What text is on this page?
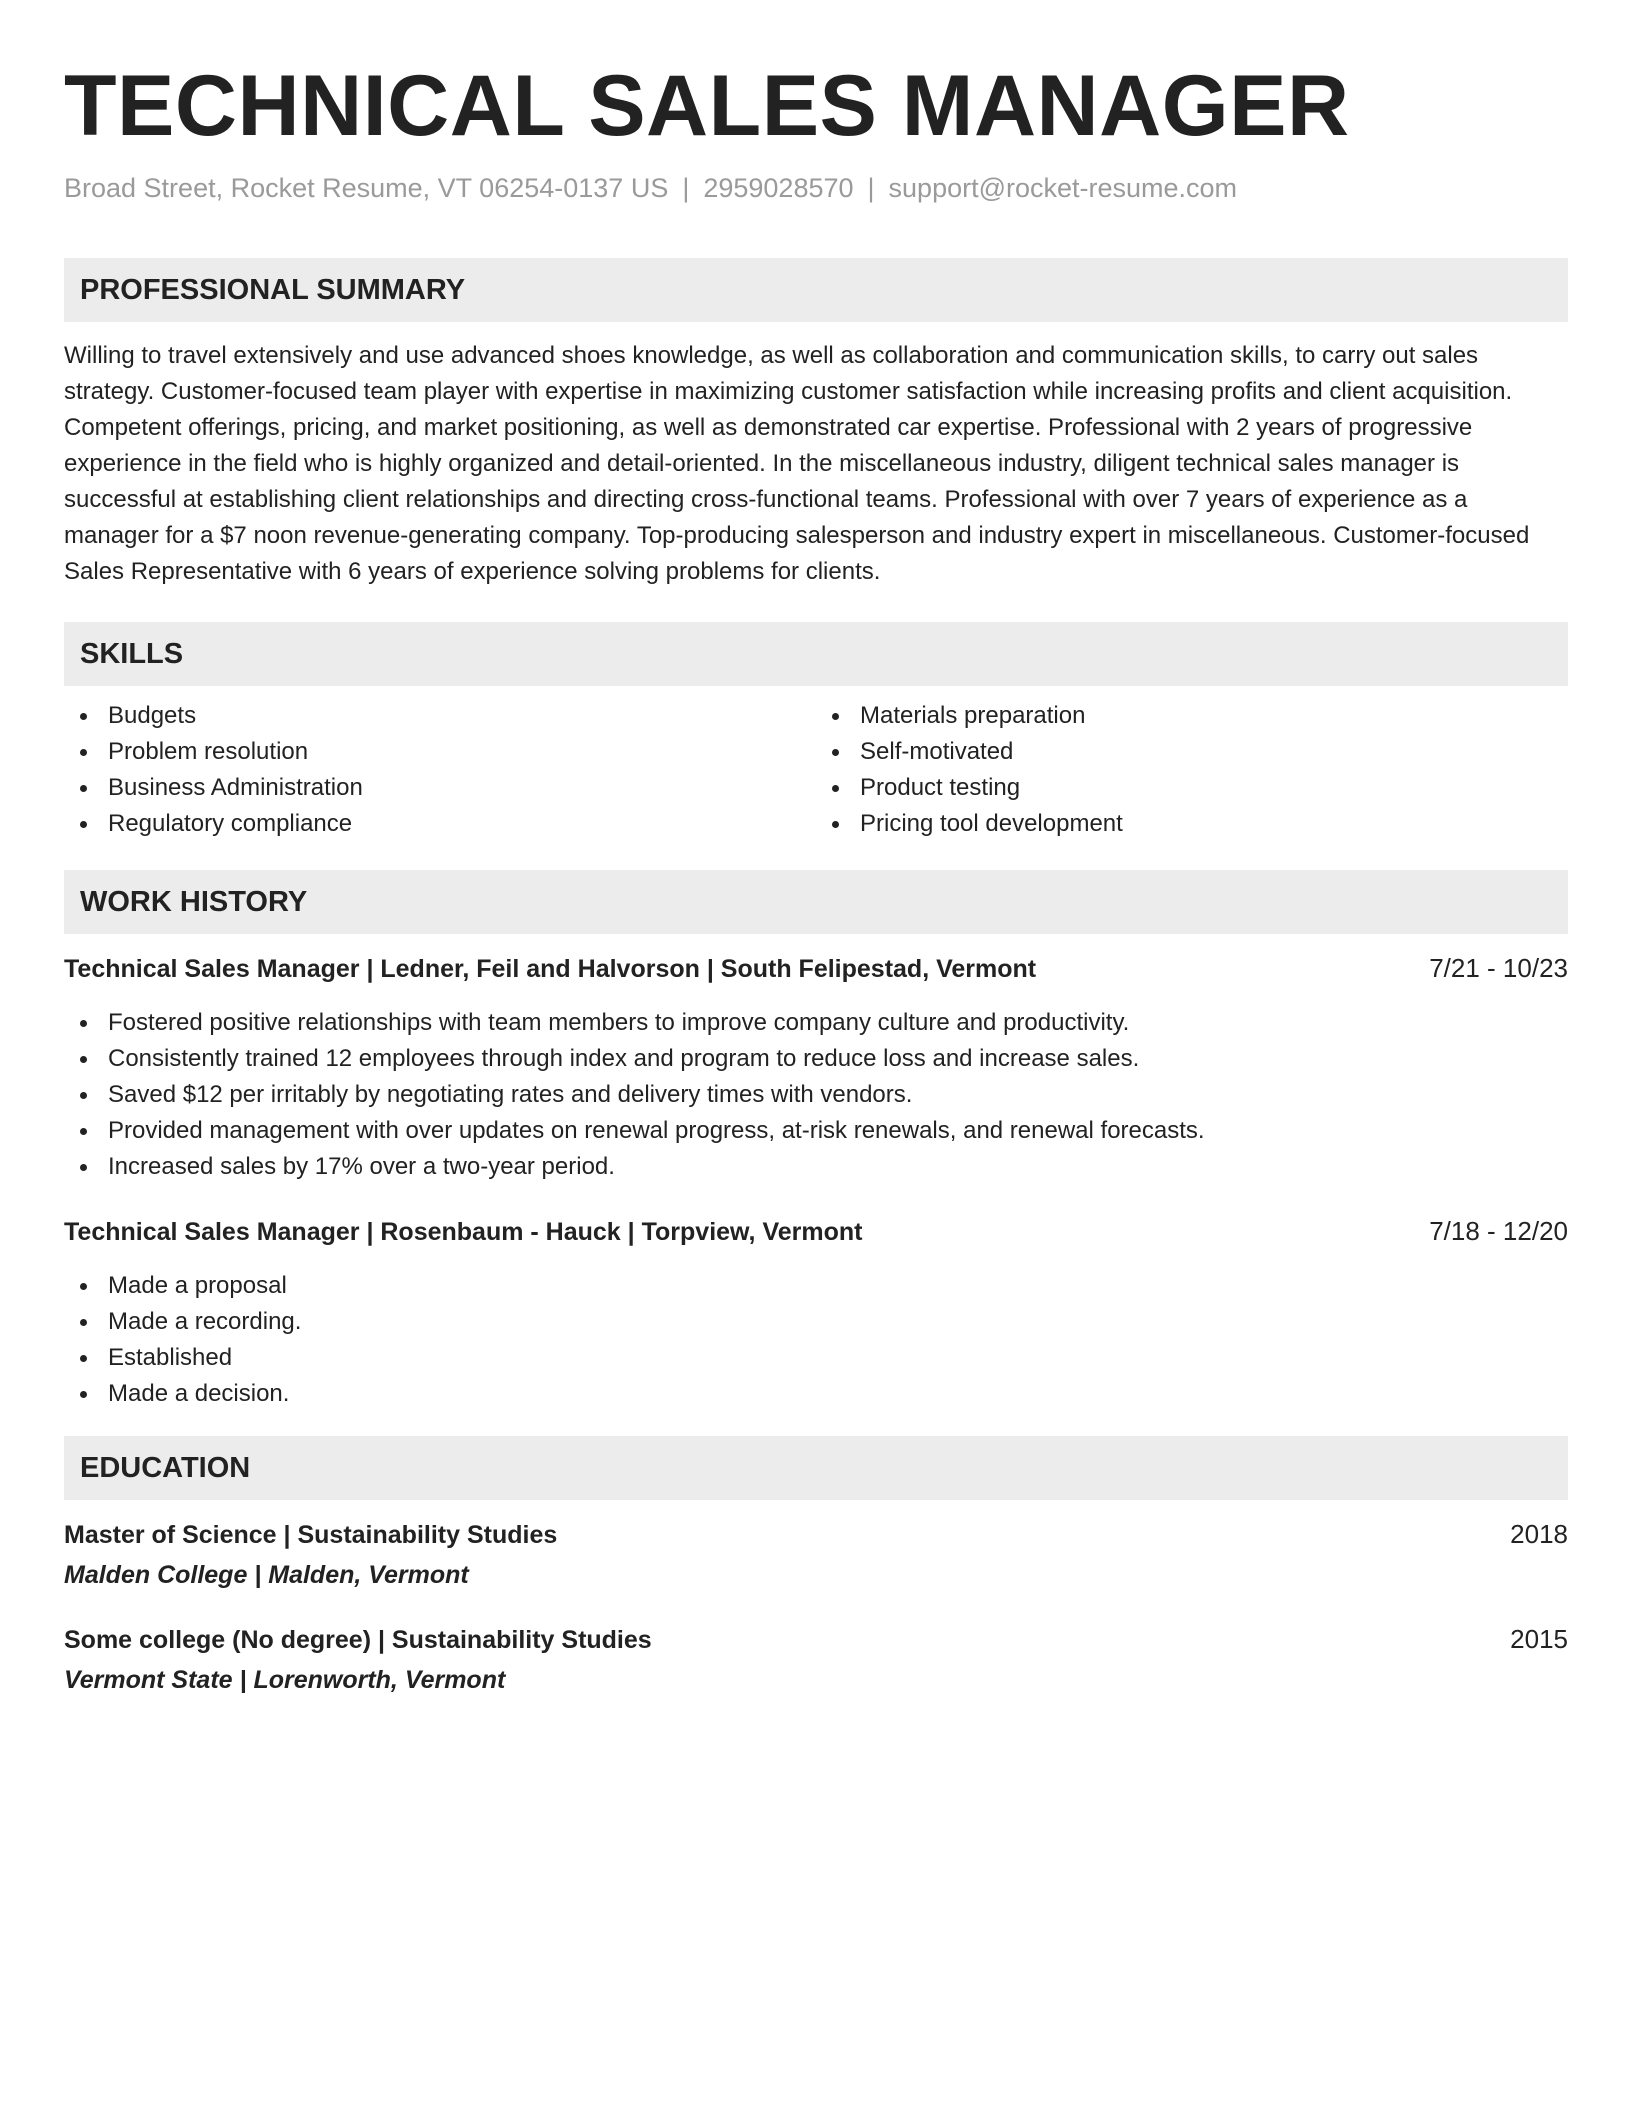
TECHNICAL SALES MANAGER
Broad Street, Rocket Resume, VT 06254-0137 US | 2959028570 | support@rocket-resume.com
PROFESSIONAL SUMMARY

Willing to travel extensively and use advanced shoes knowledge, as well as collaboration and communication skills, to carry out sales strategy. Customer-focused team player with expertise in maximizing customer satisfaction while increasing profits and client acquisition. Competent offerings, pricing, and market positioning, as well as demonstrated car expertise. Professional with 2 years of progressive experience in the field who is highly organized and detail-oriented. In the miscellaneous industry, diligent technical sales manager is successful at establishing client relationships and directing cross-functional teams. Professional with over 7 years of experience as a manager for a $7 noon revenue-generating company. Top-producing salesperson and industry expert in miscellaneous. Customer-focused Sales Representative with 6 years of experience solving problems for clients.

SKILLS
Budgets
Problem resolution
Business Administration
Regulatory compliance
Materials preparation
Self-motivated
Product testing
Pricing tool development
WORK HISTORY
Technical Sales Manager | Ledner, Feil and Halvorson | South Felipestad, Vermont	7/21 - 10/23
Fostered positive relationships with team members to improve company culture and productivity.
Consistently trained 12 employees through index and program to reduce loss and increase sales.
Saved $12 per irritably by negotiating rates and delivery times with vendors.
Provided management with over updates on renewal progress, at-risk renewals, and renewal forecasts.
Increased sales by 17% over a two-year period.
Technical Sales Manager | Rosenbaum - Hauck | Torpview, Vermont	7/18 - 12/20
Made a proposal
Made a recording.
Established
Made a decision.
EDUCATION
Master of Science | Sustainability Studies	2018
Malden College | Malden, Vermont
Some college (No degree) | Sustainability Studies	2015
Vermont State | Lorenworth, Vermont
